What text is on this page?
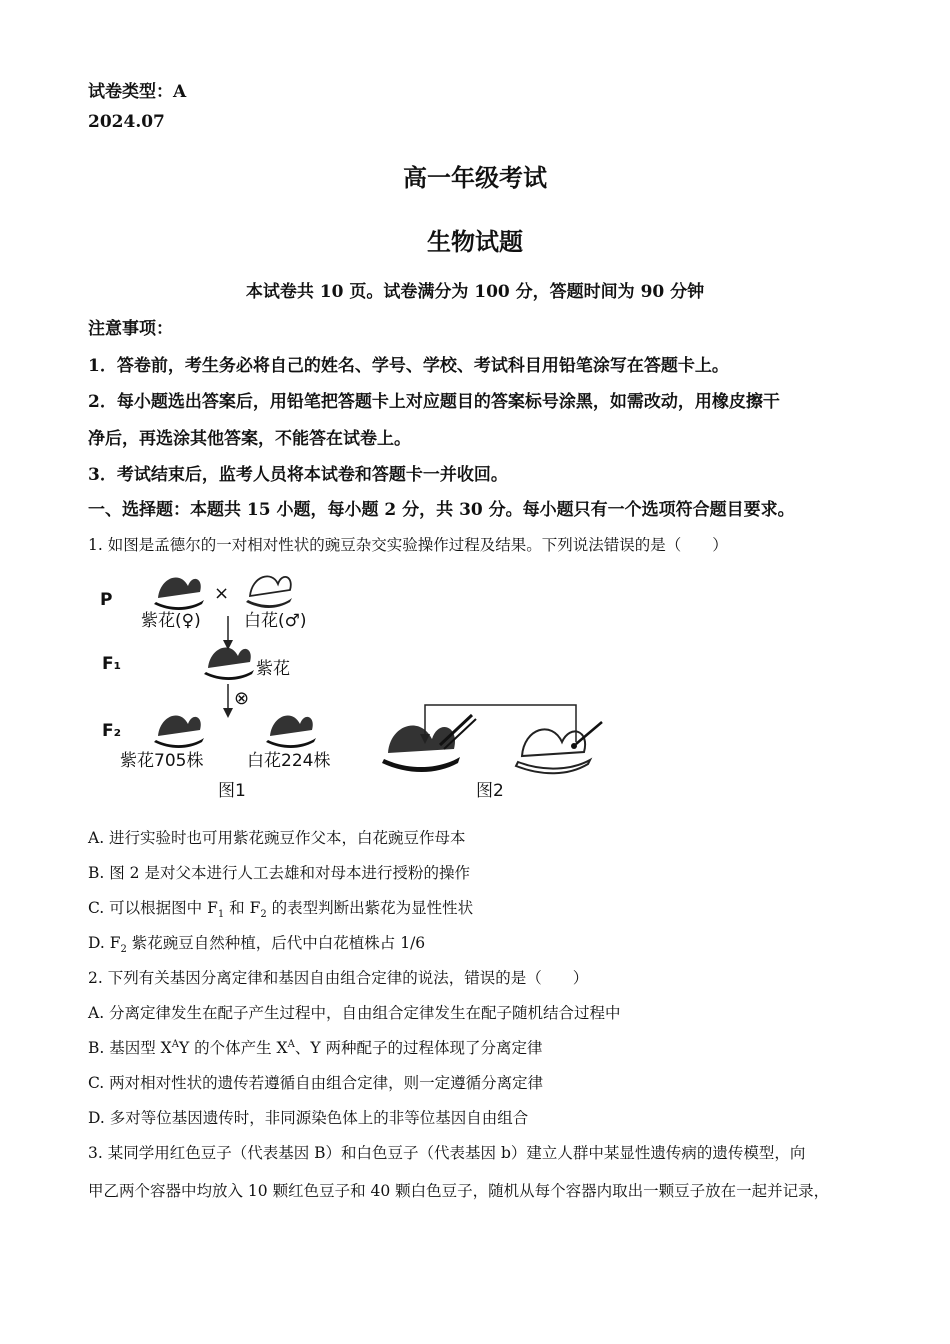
试卷类型：A
2024.07
高一年级考试
生物试题
本试卷共 10 页。试卷满分为 100 分，答题时间为 90 分钟
注意事项：
1．答卷前，考生务必将自己的姓名、学号、学校、考试科目用铅笔涂写在答题卡上。
2．每小题选出答案后，用铅笔把答题卡上对应题目的答案标号涂黑，如需改动，用橡皮擦干
净后，再选涂其他答案，不能答在试卷上。
3．考试结束后，监考人员将本试卷和答题卡一并收回。
一、选择题：本题共 15 小题，每小题 2 分，共 30 分。每小题只有一个选项符合题目要求。
1. 如图是孟德尔的一对相对性状的豌豆杂交实验操作过程及结果。下列说法错误的是（　　）
P	×
紫花(♀)	白花(♂)
F₁	紫花
⊗
F₂
紫花705株	白花224株
图1	图2
A. 进行实验时也可用紫花豌豆作父本，白花豌豆作母本
B. 图 2 是对父本进行人工去雄和对母本进行授粉的操作
C. 可以根据图中 $F_1$ 和 $F_2$ 的表型判断出紫花为显性性状
D. $F_2$ 紫花豌豆自然种植，后代中白花植株占 1/6
2. 下列有关基因分离定律和基因自由组合定律的说法，错误的是（　　）
A. 分离定律发生在配子产生过程中，自由组合定律发生在配子随机结合过程中
B. 基因型 $X^AY$ 的个体产生 $X^A$、Y 两种配子的过程体现了分离定律
C. 两对相对性状的遗传若遵循自由组合定律，则一定遵循分离定律
D. 多对等位基因遗传时，非同源染色体上的非等位基因自由组合
3. 某同学用红色豆子（代表基因 B）和白色豆子（代表基因 b）建立人群中某显性遗传病的遗传模型，向
甲乙两个容器中均放入 10 颗红色豆子和 40 颗白色豆子，随机从每个容器内取出一颗豆子放在一起并记录，
